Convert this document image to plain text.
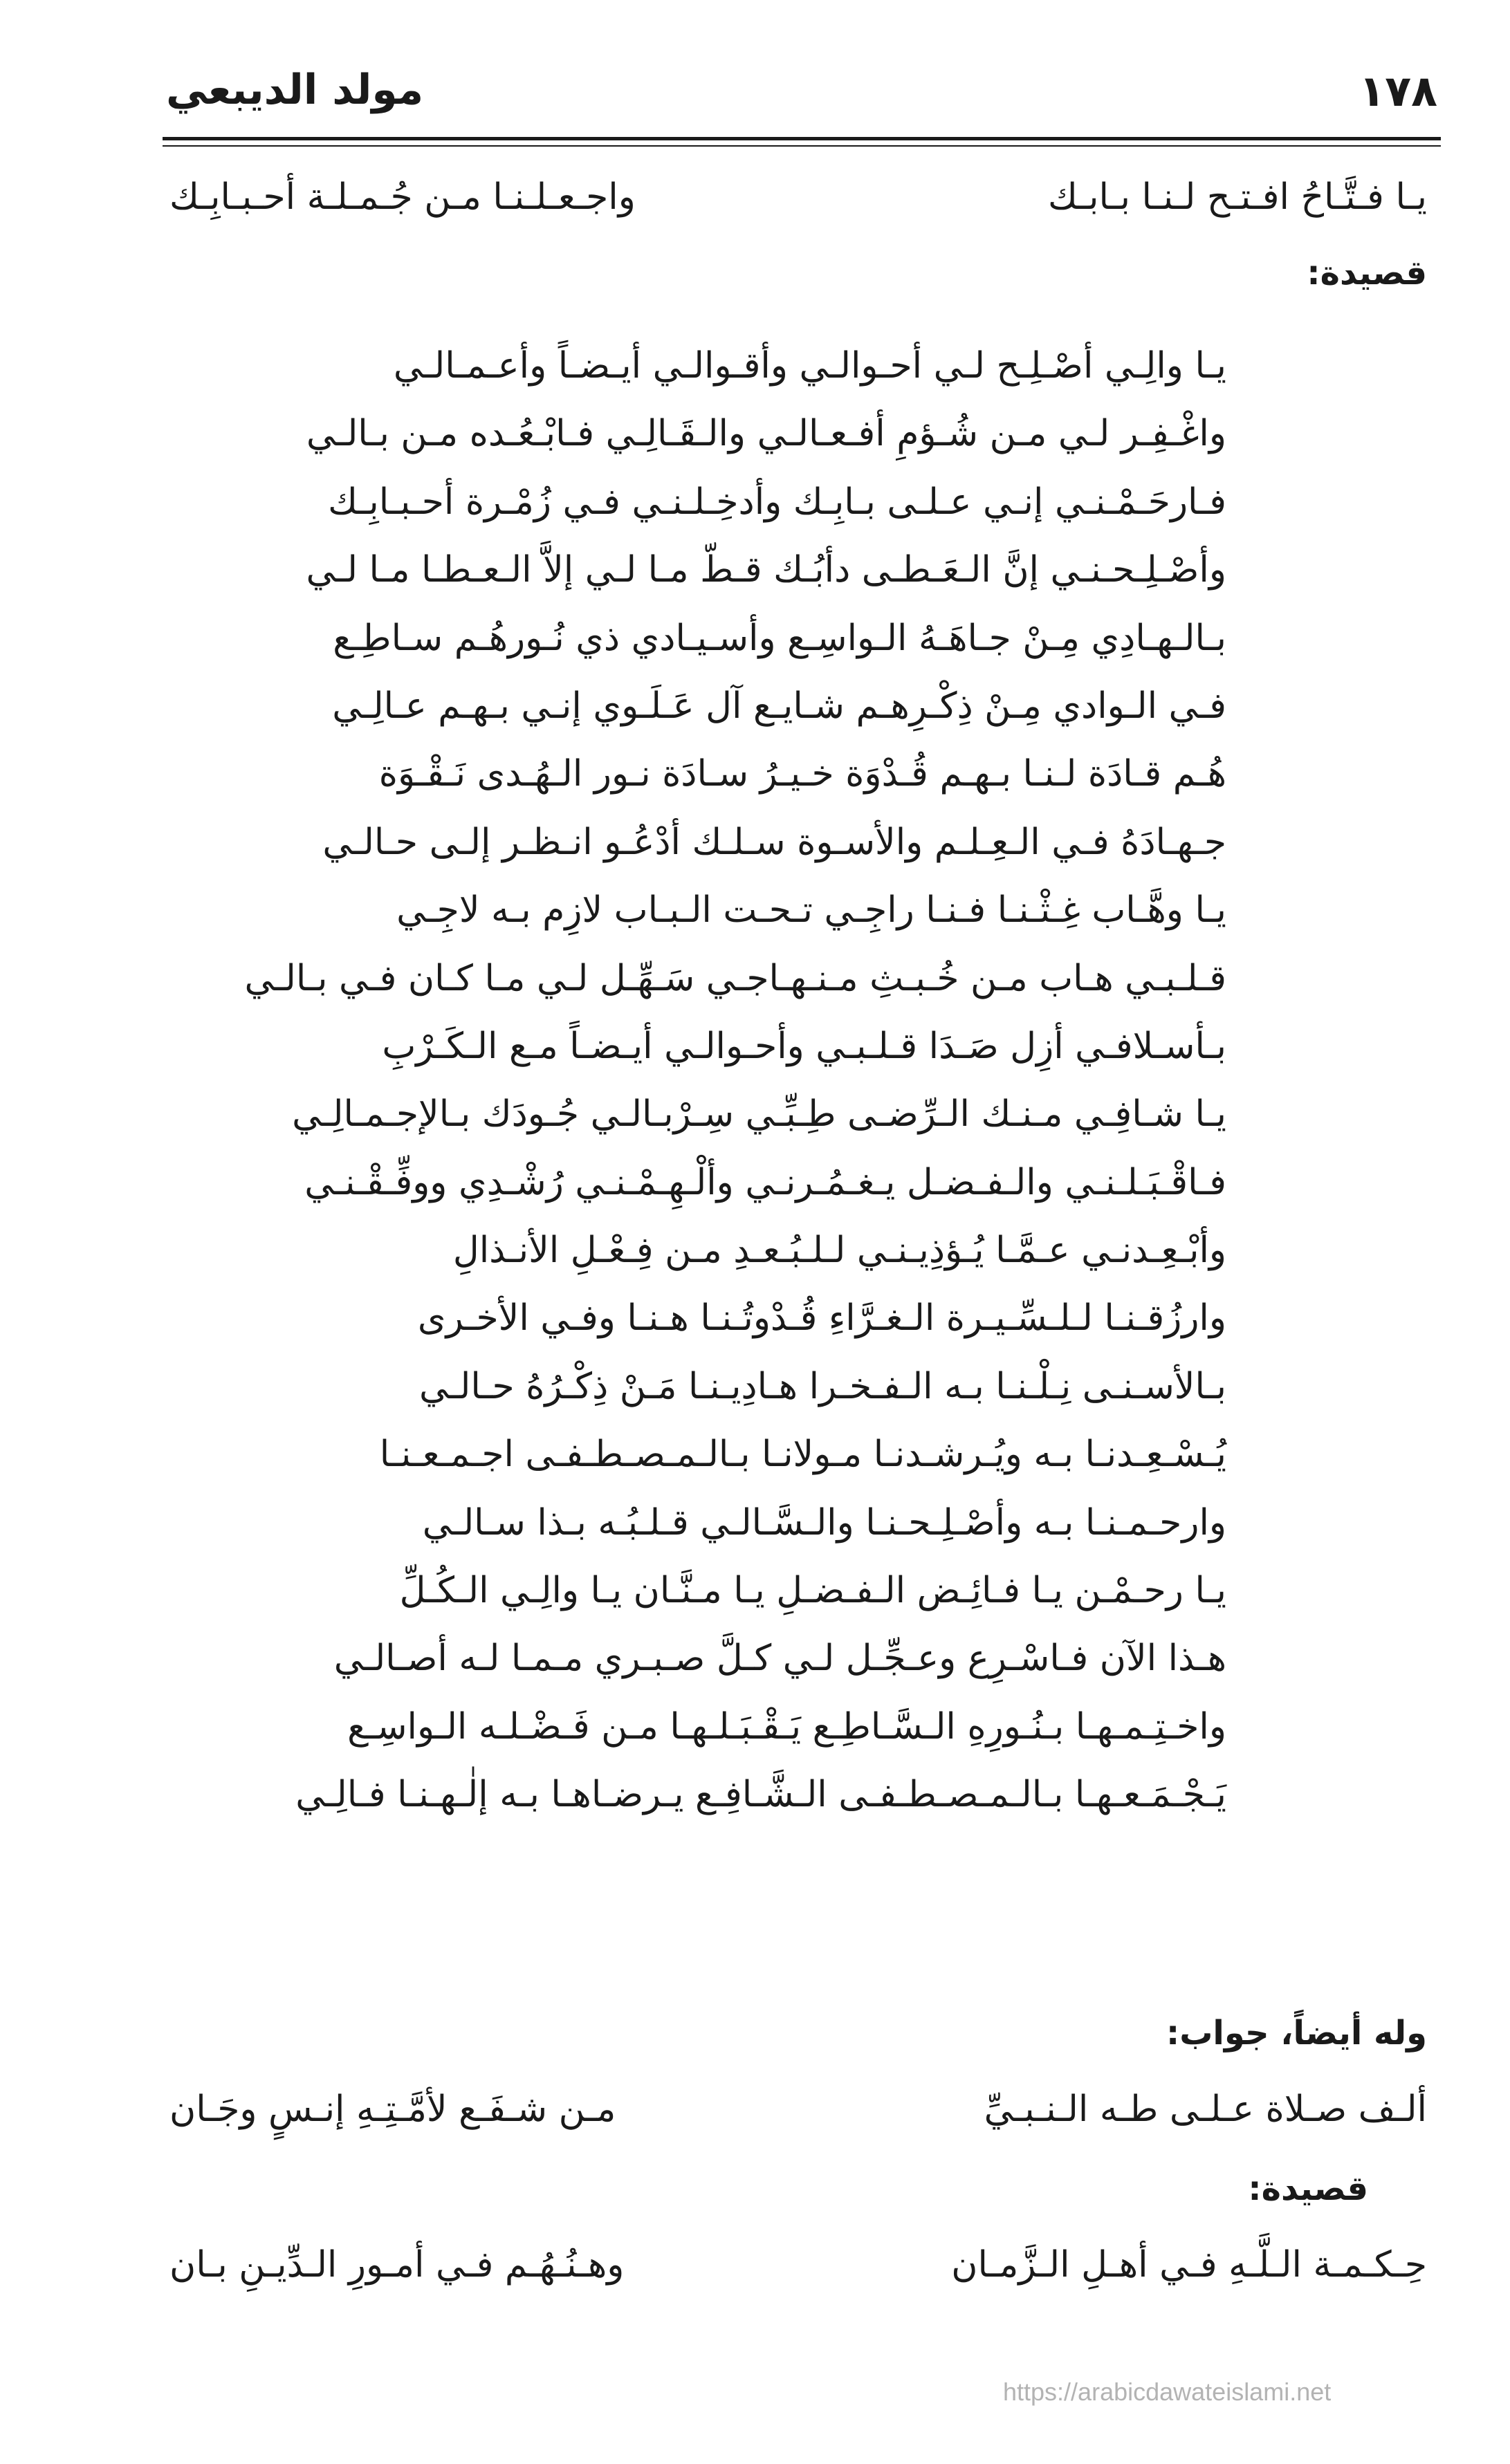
١٧٨
مولد الديبعي
يـا فـتَّـاحُ افـتـح لـنـا بـابـك
واجـعـلـنـا مـن جُـمـلـة أحـبـابِـك
قصيدة:
يـا والِـي أصْـلِـح لـي أحـوالـي وأقـوالـي أيـضـاً وأعـمـالـي
واغْـفِـر لـي مـن شُـؤمِ أفـعـالـي والـقَـالِـي فـابْـعُـده مـن بـالـي
فـارحَـمْـنـي إنـي عـلـى بـابِـك وأدخِـلـنـي فـي زُمْـرة أحـبـابِـك
وأصْـلِـحـنـي إنَّ الـعَـطـى دأبُـك قـطّ مـا لـي إلاَّ الـعـطـا مـا لـي
بـالـهـادِي مِـنْ جـاهَـهُ الـواسِـع وأسـيـادي ذي نُـورهُـم سـاطِـع
فـي الـوادي مِـنْ ذِكْـرِهـم شـايـع آل عَـلَـوي إنـي بـهـم عـالِـي
هُـم قـادَة لـنـا بـهـم قُـدْوَة خـيـرُ سـادَة نـور الـهُـدى نَـقْـوَة
جـهـادَهُ فـي الـعِـلـم والأسـوة سـلـك أدْعُـو انـظـر إلـى حـالـي
يـا وهَّـاب غِـثْـنـا فـنـا راجِـي تـحـت الـبـاب لازِم بـه لاجِـي
قـلـبـي هـاب مـن خُـبـثِ مـنـهـاجـي سَـهِّـل لـي مـا كـان فـي بـالـي
بـأسـلافـي أزِل صَـدَا قـلـبـي وأحـوالـي أيـضـاً مـع الـكَـرْبِ
يـا شـافِـي مـنـك الـرِّضـى طِـبِّـي سِـرْبـالـي جُـودَك بـالإجـمـالِـي
فـاقْـبَـلـنـي والـفـضـل يـغـمُـرنـي وألْـهِـمْـنـي رُشْـدِي ووفِّـقْـنـي
وأبْـعِـدنـي عـمَّـا يُـؤذِيـنـي لـلـبُـعـدِ مـن فِـعْـلِ الأنـذالِ
وارزُقـنـا لـلـسِّـيـرة الـغـرَّاءِ قُـدْوتُـنـا هـنـا وفـي الأخـرى
بـالأسـنـى نِـلْـنـا بـه الـفـخـرا هـادِيـنـا مَـنْ ذِكْـرُهُ حـالـي
يُـسْـعِـدنـا بـه ويُـرشـدنـا مـولانـا بـالـمـصـطـفـى اجـمـعـنـا
وارحـمـنـا بـه وأصْـلِـحـنـا والـسَّـالـي قـلـبُـه بـذا سـالـي
يـا رحـمْـن يـا فـائِـض الـفـضـلِ يـا مـنَّـان يـا والِـي الـكُـلِّ
هـذا الآن فـاسْـرِع وعـجِّـل لـي كـلَّ صـبـري مـمـا لـه أصـالـي
واخـتِـمـهـا بـنُـورِهِ الـسَّـاطِـع يَـقْـبَـلـهـا مـن فَـضْـلـه الـواسِـع
يَـجْـمَـعـهـا بـالـمـصـطـفـى الـشَّـافِـع يـرضـاهـا بـه إلٰـهـنـا فـالِـي
وله أيضاً، جواب:
ألـف صـلاة عـلـى طـه الـنـبـيِّ
مـن شـفَـع لأمَّـتِـهِ إنـسٍ وجَـان
قصيدة:
حِـكـمـة الـلَّـهِ فـي أهـلِ الـزَّمـان
وهـنُـهُـم فـي أمـورِ الـدِّيـنِ بـان
https://arabicdawateislami.net
